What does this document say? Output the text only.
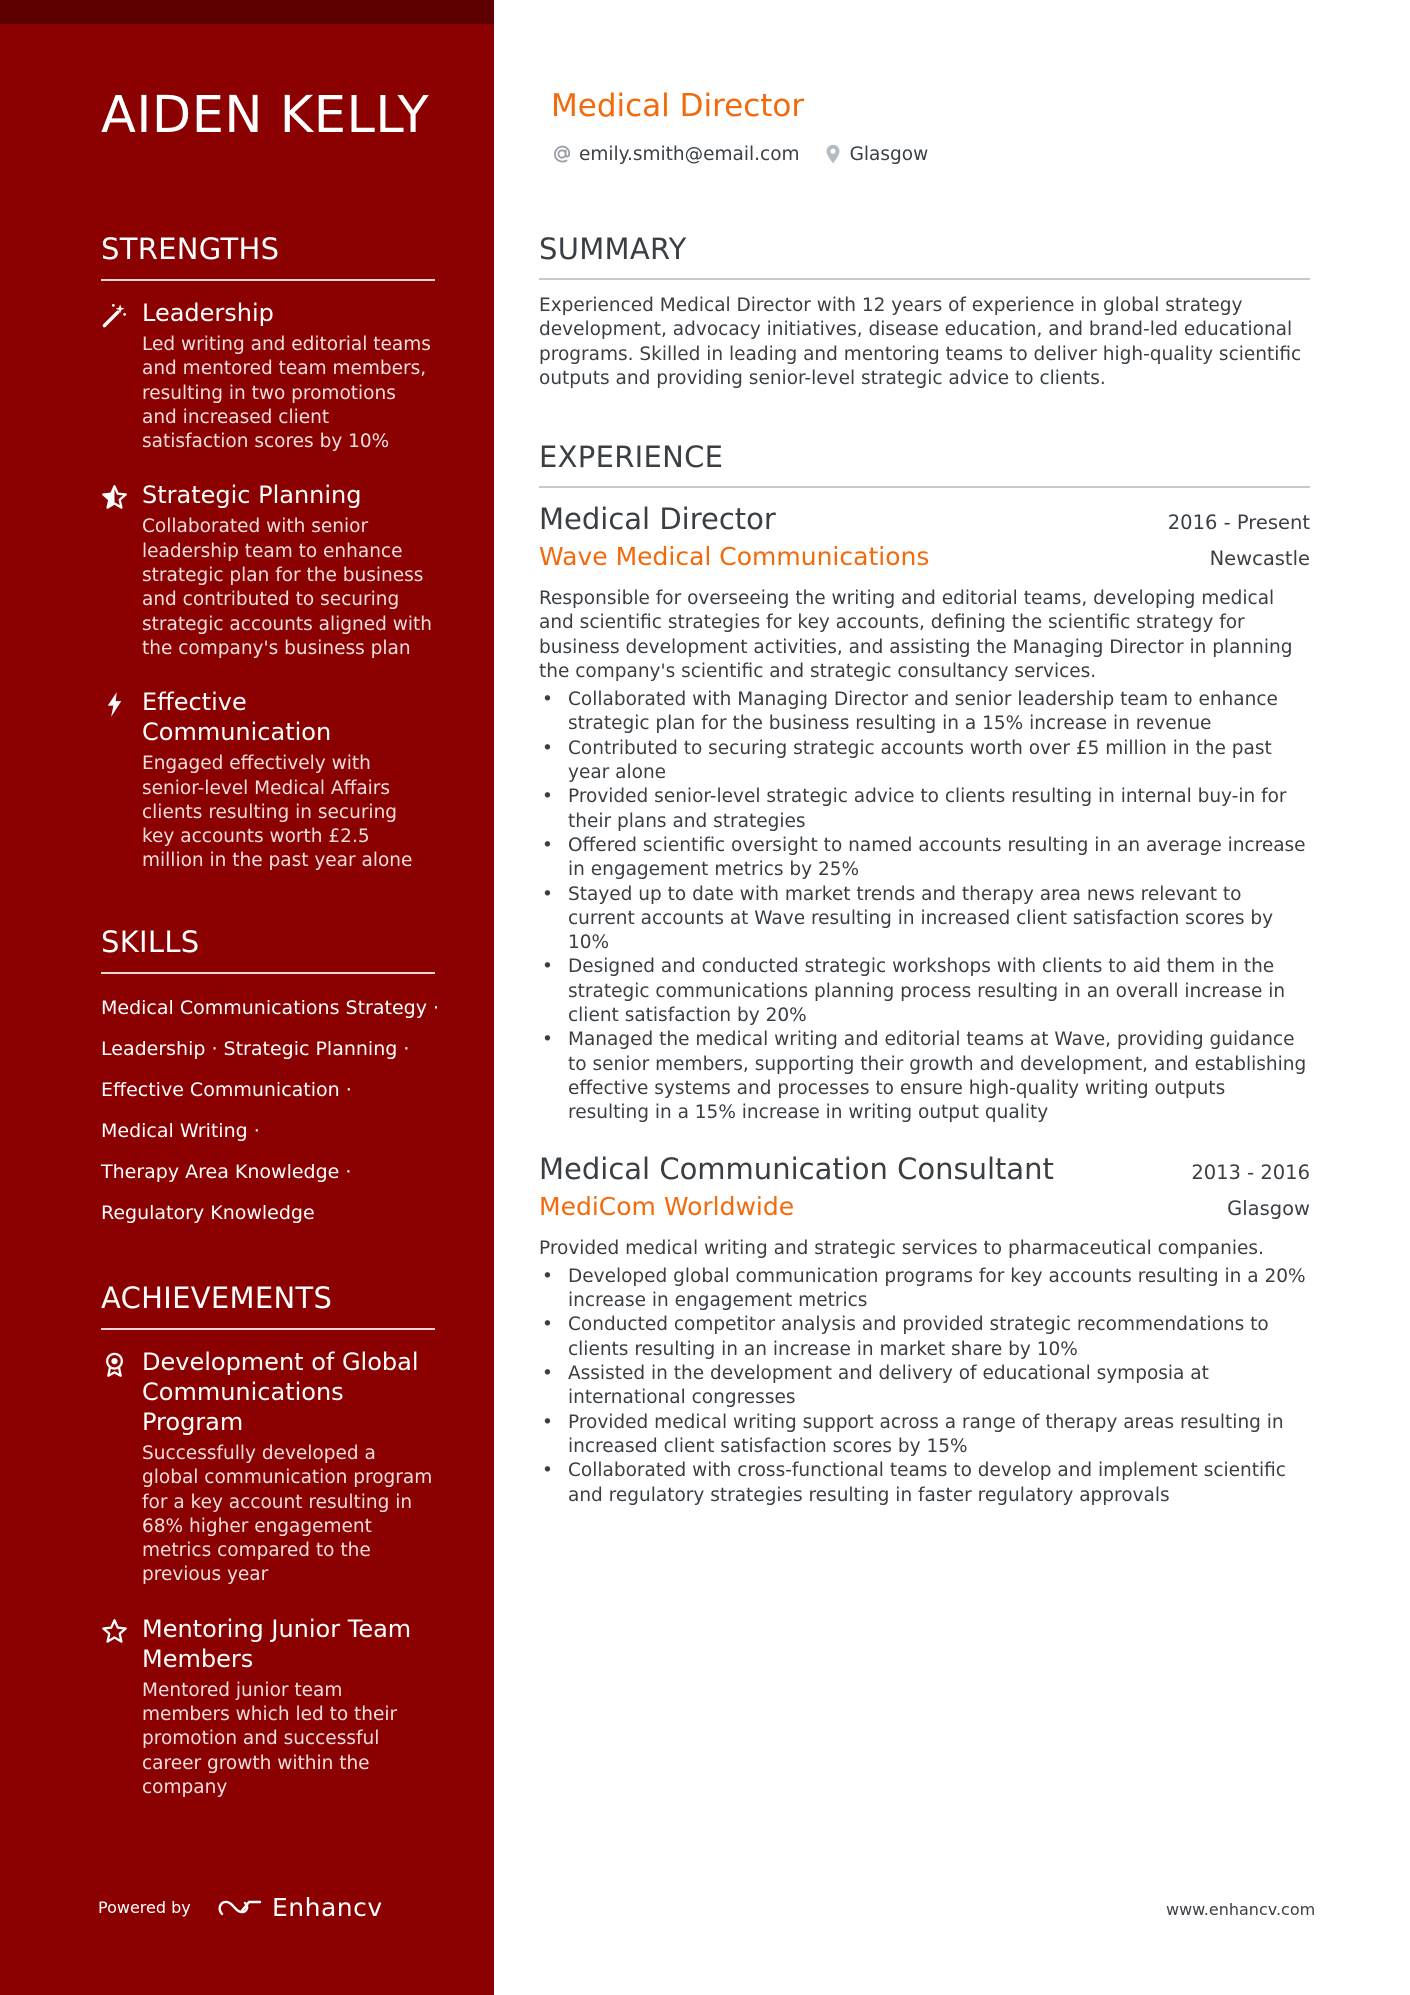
AIDEN KELLY
STRENGTHS
Leadership
Led writing and editorial teams and mentored team members, resulting in two promotions and increased client satisfaction scores by 10%
Strategic Planning
Collaborated with senior leadership team to enhance strategic plan for the business and contributed to securing strategic accounts aligned with the company's business plan
Effective Communication
Engaged effectively with senior-level Medical Affairs clients resulting in securing key accounts worth £2.5 million in the past year alone
SKILLS
Medical Communications Strategy ·
Leadership · Strategic Planning ·
Effective Communication ·
Medical Writing ·
Therapy Area Knowledge ·
Regulatory Knowledge
ACHIEVEMENTS
Development of Global Communications Program
Successfully developed a global communication program for a key account resulting in 68% higher engagement metrics compared to the previous year
Mentoring Junior Team Members
Mentored junior team members which led to their promotion and successful career growth within the company
Powered by	Enhancv
Medical Director
emily.smith@email.com	Glasgow
SUMMARY
Experienced Medical Director with 12 years of experience in global strategy development, advocacy initiatives, disease education, and brand-led educational programs. Skilled in leading and mentoring teams to deliver high-quality scientific outputs and providing senior-level strategic advice to clients.
EXPERIENCE
Medical Director	2016 - Present
Wave Medical Communications	Newcastle
Responsible for overseeing the writing and editorial teams, developing medical and scientific strategies for key accounts, defining the scientific strategy for business development activities, and assisting the Managing Director in planning the company's scientific and strategic consultancy services.
• Collaborated with Managing Director and senior leadership team to enhance strategic plan for the business resulting in a 15% increase in revenue
• Contributed to securing strategic accounts worth over £5 million in the past year alone
• Provided senior-level strategic advice to clients resulting in internal buy-in for their plans and strategies
• Offered scientific oversight to named accounts resulting in an average increase in engagement metrics by 25%
• Stayed up to date with market trends and therapy area news relevant to current accounts at Wave resulting in increased client satisfaction scores by 10%
• Designed and conducted strategic workshops with clients to aid them in the strategic communications planning process resulting in an overall increase in client satisfaction by 20%
• Managed the medical writing and editorial teams at Wave, providing guidance to senior members, supporting their growth and development, and establishing effective systems and processes to ensure high-quality writing outputs resulting in a 15% increase in writing output quality
Medical Communication Consultant	2013 - 2016
MediCom Worldwide	Glasgow
Provided medical writing and strategic services to pharmaceutical companies.
• Developed global communication programs for key accounts resulting in a 20% increase in engagement metrics
• Conducted competitor analysis and provided strategic recommendations to clients resulting in an increase in market share by 10%
• Assisted in the development and delivery of educational symposia at international congresses
• Provided medical writing support across a range of therapy areas resulting in increased client satisfaction scores by 15%
• Collaborated with cross-functional teams to develop and implement scientific and regulatory strategies resulting in faster regulatory approvals
www.enhancv.com
